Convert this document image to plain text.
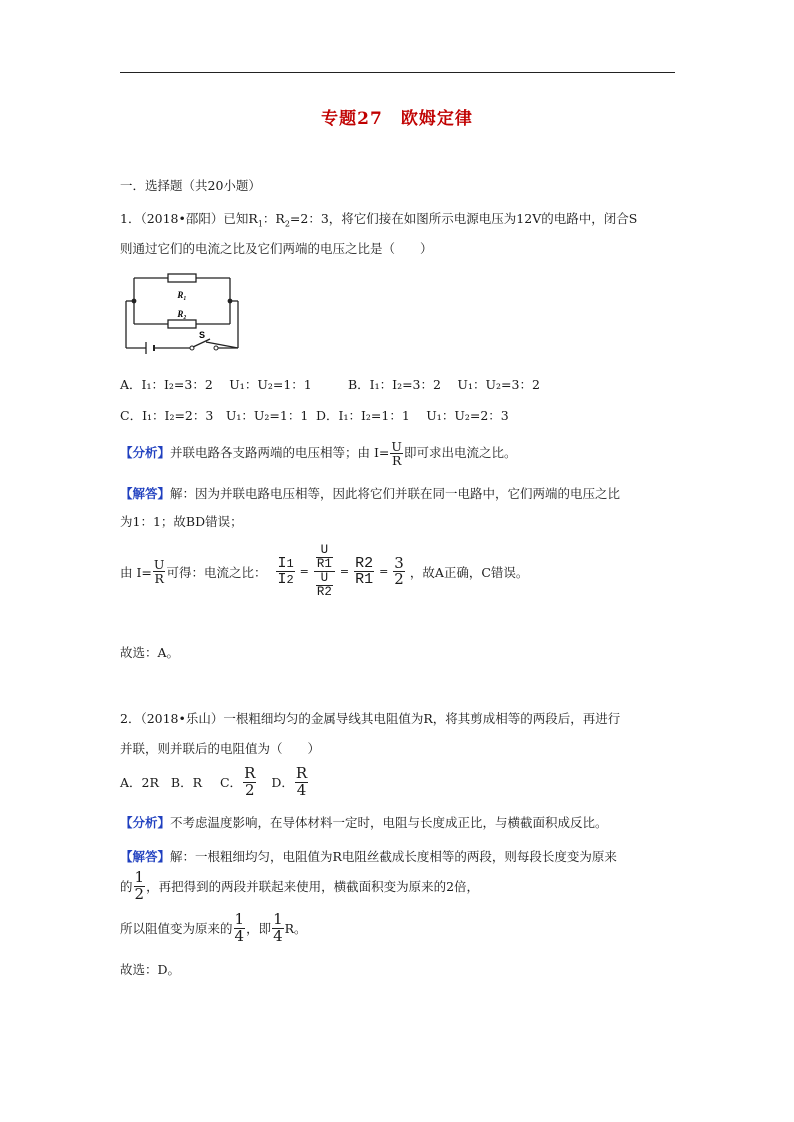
专题27　欧姆定律
一．选择题（共20小题）
1．（2018•邵阳）已知$R_1$：$R_2=2$：3，将它们接在如图所示电源电压为12V的电路中，闭合S
则通过它们的电流之比及它们两端的电压之比是（　　）
R₁
R₂
S
A．I₁：I₂=3：2　 U₁：U₂=1：1	B．I₁：I₂=3：2　 U₁：U₂=3：2
C．I₁：I₂=2：3　U₁：U₂=1：1 D．I₁：I₂=1：1　 U₁：U₂=2：3
【分析】并联电路各支路两端的电压相等；由 $I= \frac{U}{R}$ 即可求出电流之比。
【解答】解：因为并联电路电压相等，因此将它们并联在同一电路中，它们两端的电压之比
为1：1；故BD错误；
由 $I= \frac{U}{R}$ 可得：电流之比： $\frac{I1}{I2} = \frac{\frac{U}{R1}}{\frac{U}{R2}} = \frac{R2}{R1} = \frac{3}{2}$ ，故A正确，C错误。
故选：A。
2．（2018•乐山）一根粗细均匀的金属导线其电阻值为R，将其剪成相等的两段后，再进行
并联，则并联后的电阻值为（　　）
A．2R B．R C． $\frac{R}{2}$ D． $\frac{R}{4}$
【分析】不考虑温度影响，在导体材料一定时，电阻与长度成正比，与横截面积成反比。
【解答】解：一根粗细均匀，电阻值为R电阻丝截成长度相等的两段，则每段长度变为原来
的 $\frac{1}{2}$ ，再把得到的两段并联起来使用，横截面积变为原来的2倍，
所以阻值变为原来的 $\frac{1}{4}$ ，即 $\frac{1}{4}$ R。
故选：D。
